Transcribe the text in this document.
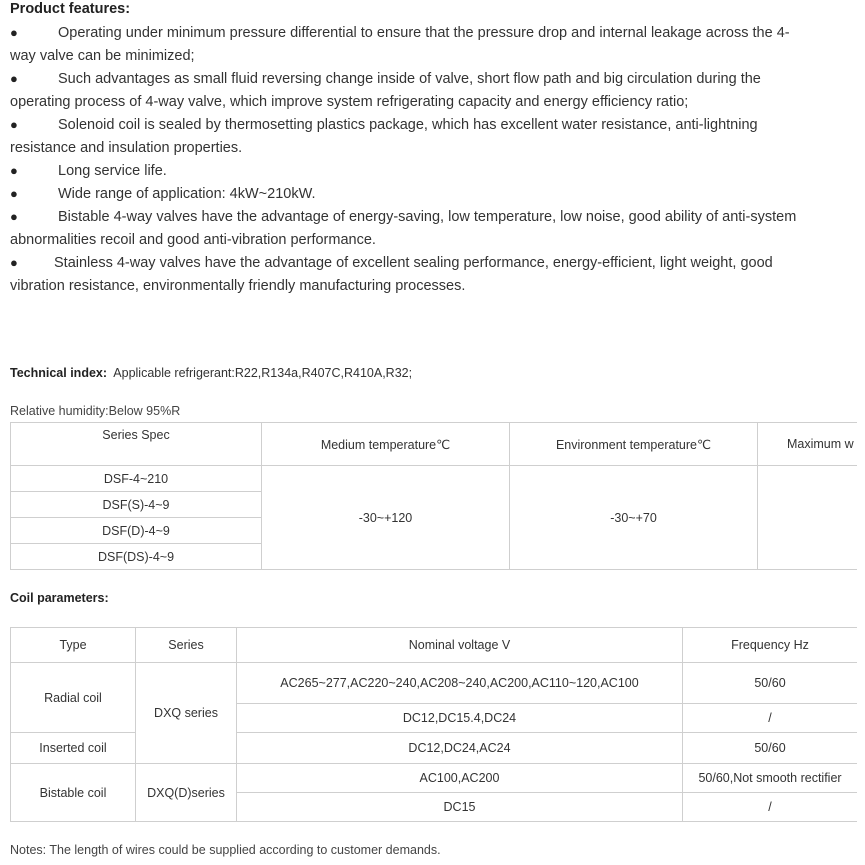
Product features:
●	Operating under minimum pressure differential to ensure that the pressure drop and internal leakage across the 4-
way valve can be minimized;
●	Such advantages as small fluid reversing change inside of valve, short flow path and big circulation during the
operating process of 4-way valve, which improve system refrigerating capacity and energy efficiency ratio;
●	Solenoid coil is sealed by thermosetting plastics package, which has excellent water resistance, anti-lightning
resistance and insulation properties.
●	Long service life.
●	Wide range of application: 4kW~210kW.
●	Bistable 4-way valves have the advantage of energy-saving, low temperature, low noise, good ability of anti-system
abnormalities recoil and good anti-vibration performance.
● Stainless 4-way valves have the advantage of excellent sealing performance, energy-efficient, light weight, good
vibration resistance, environmentally friendly manufacturing processes.
Technical index: Applicable refrigerant:R22,R134a,R407C,R410A,R32;
Relative humidity:Below 95%R
Series Spec	Medium temperature℃	Environment temperature℃	Maximum w
DSF-4~210	-30~+120	-30~+70	
DSF(S)-4~9			
DSF(D)-4~9			
DSF(DS)-4~9			
Type	Series	Nominal voltage V	Frequency Hz
Radial coil	DXQ series	AC265~277,AC220~240,AC208~240,AC200,AC110~120,AC100	50/60
		DC12,DC15.4,DC24	/
Inserted coil		DC12,DC24,AC24	50/60
Bistable coil	DXQ(D)series	AC100,AC200	50/60,Not smooth rectifier
		DC15	/
Coil parameters:
Notes: The length of wires could be supplied according to customer demands.
